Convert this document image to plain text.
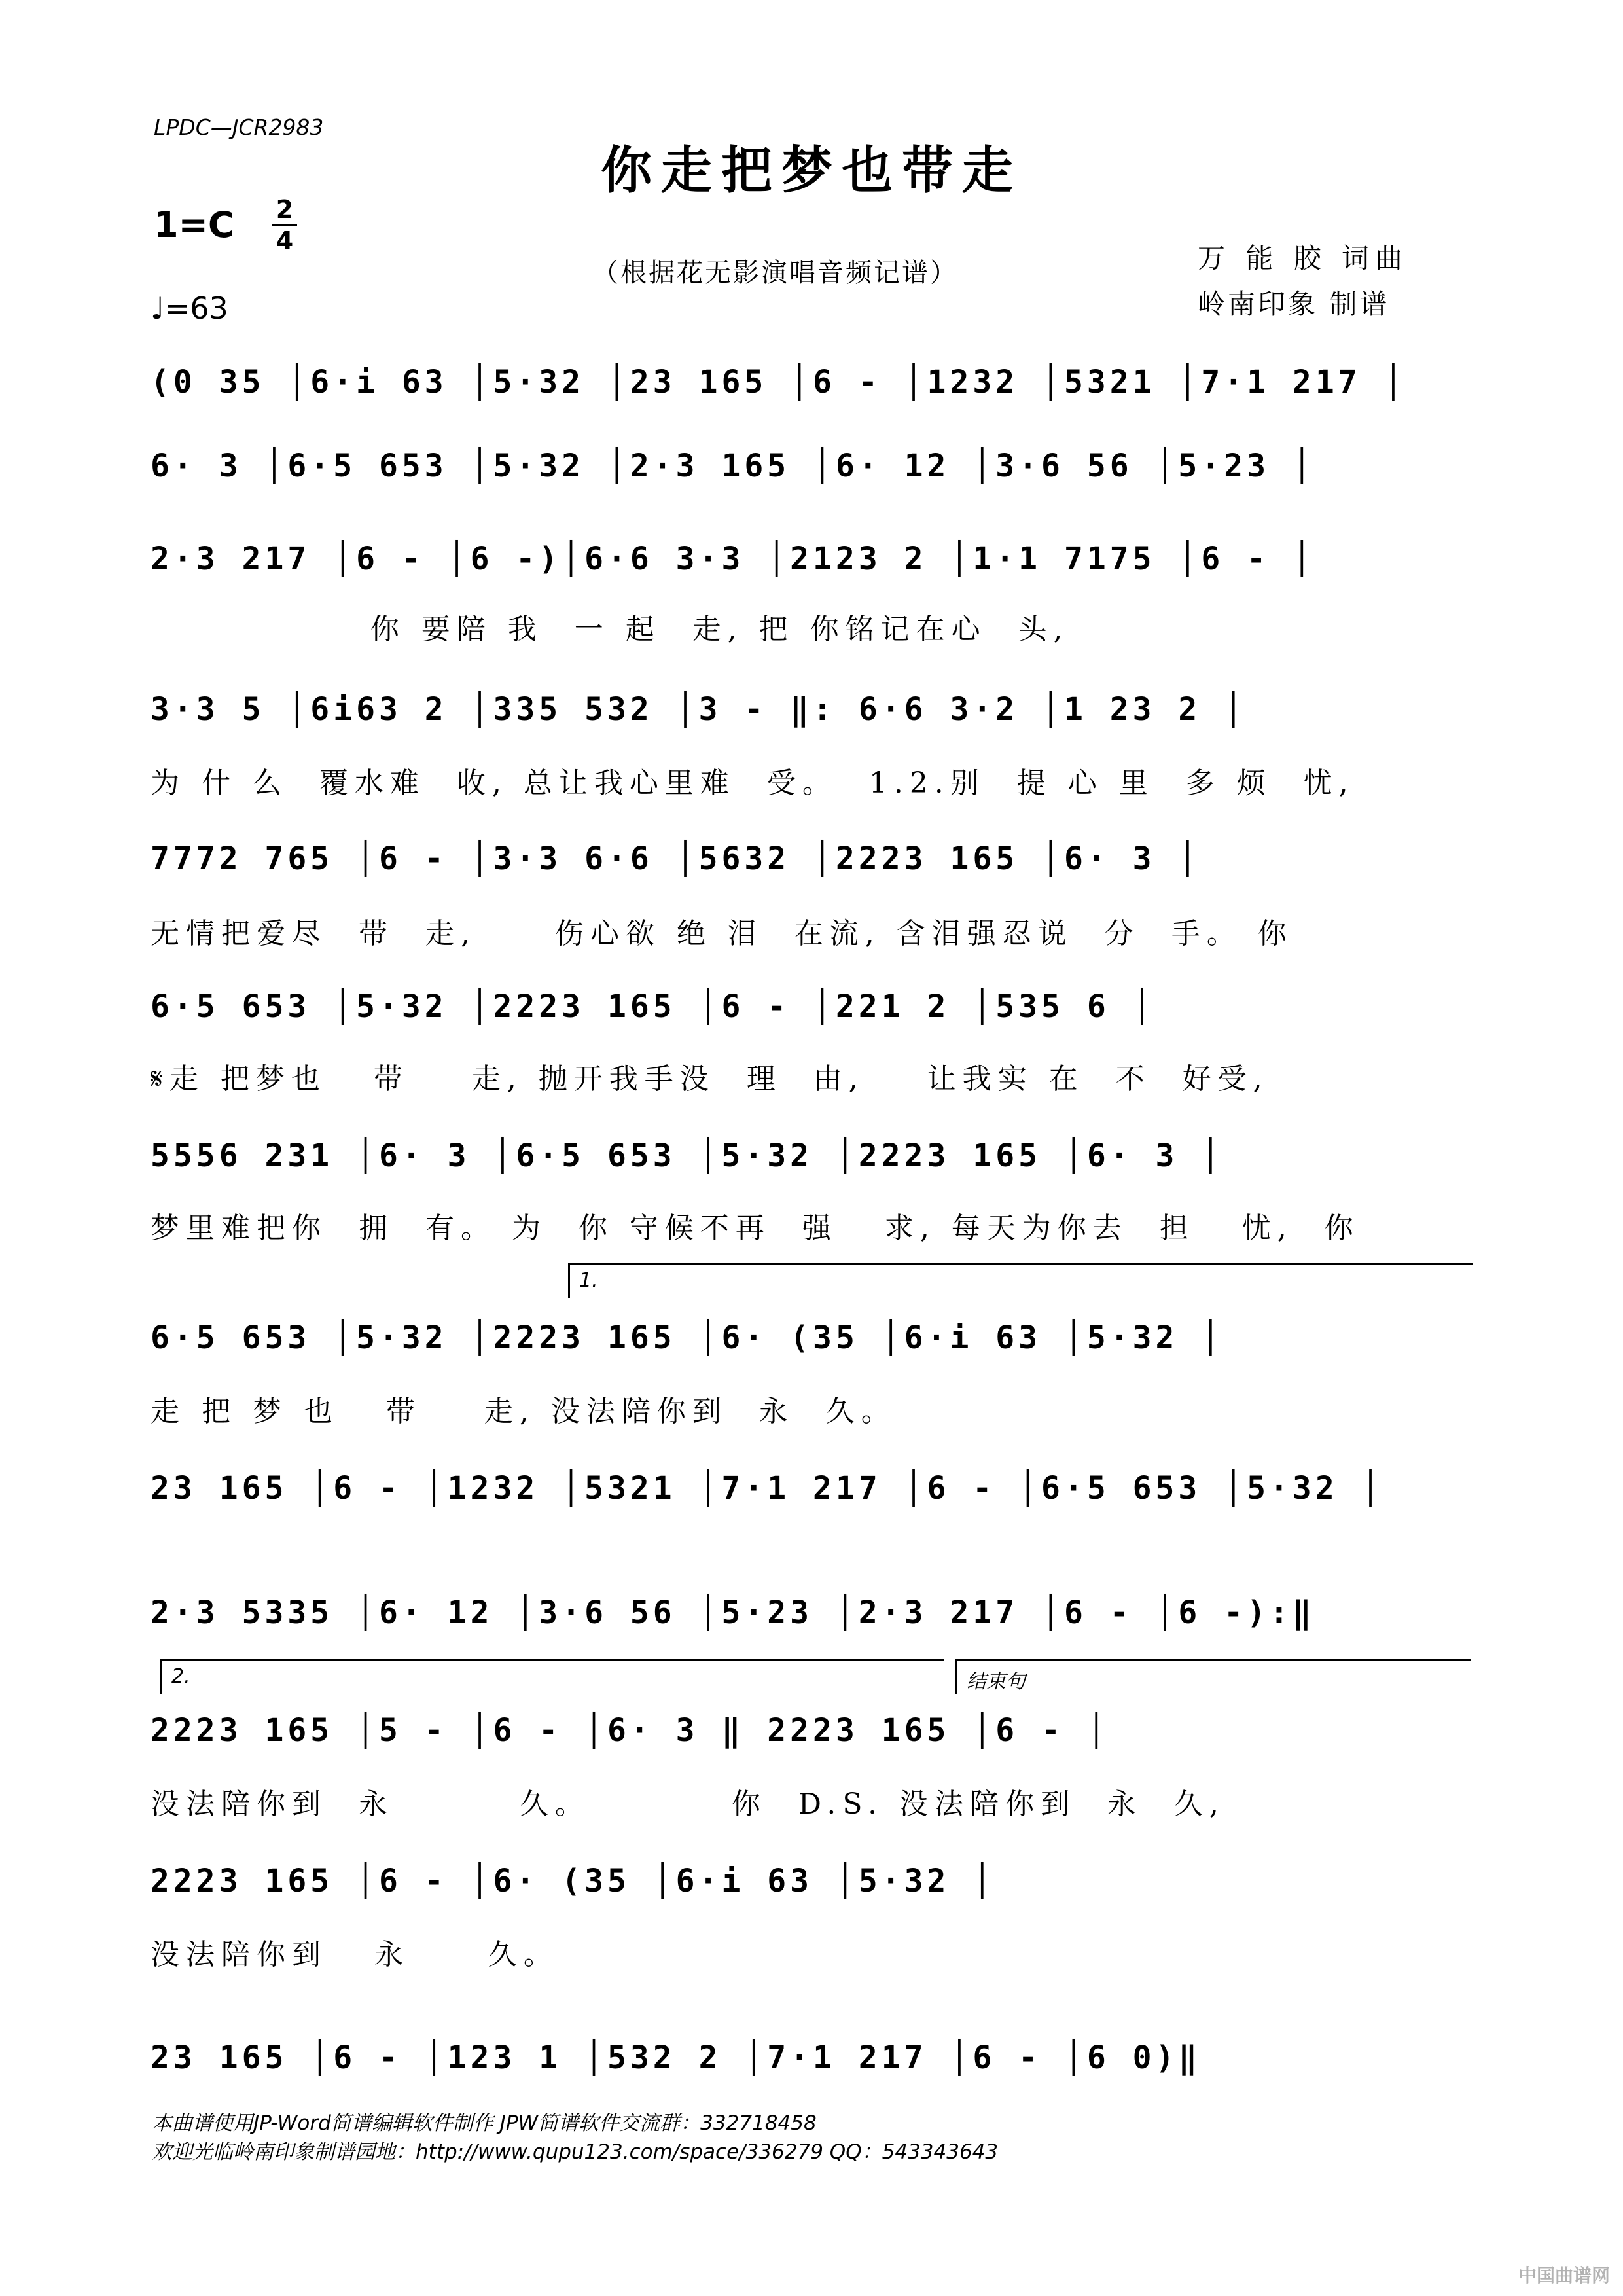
LPDC—JCR2983
你走把梦也带走
1=C	2
4
♩=63
（根据花无影演唱音频记谱）	万 能 胶 词曲
岭南印象 制谱
(0 35 │6·i 63 │5·32 │23 165 │6 - │1232 │5321 │7·1 217 │
6· 3 │6·5 653 │5·32 │2·3 165 │6· 12 │3·6 56 │5·23 │
2·3 217 │6 - │6 -)│6·6 3·3 │2123 2 │1·1 7175 │6 - │
你 要陪 我  一 起  走, 把 你铭记在心  头,
3·3 5 │6i63 2 │335 532 │3 - ‖: 6·6 3·2 │1 23 2 │
为 什 么  覆水难  收, 总让我心里难  受。  1.2.别  提 心 里  多 烦  忧,
7772 765 │6 - │3·3 6·6 │5632 │2223 165 │6· 3 │
无情把爱尽  带  走,     伤心欲 绝 泪  在流, 含泪强忍说  分  手。 你
6·5 653 │5·32 │2223 165 │6 - │221 2 │535 6 │
𝄋走 把梦也   带    走, 抛开我手没  理  由,    让我实 在  不  好受,
5556 231 │6· 3 │6·5 653 │5·32 │2223 165 │6· 3 │
梦里难把你  拥  有。 为  你 守候不再  强   求, 每天为你去  担   忧,  你
1.
6·5 653 │5·32 │2223 165 │6· (35 │6·i 63 │5·32 │
走 把 梦 也   带    走, 没法陪你到  永  久。
23 165 │6 - │1232 │5321 │7·1 217 │6 - │6·5 653 │5·32 │
2·3 5335 │6· 12 │3·6 56 │5·23 │2·3 217 │6 - │6 -):‖
2.	结束句
2223 165 │5 - │6 - │6· 3 ‖ 2223 165 │6 - │
没法陪你到  永        久。         你  D.S. 没法陪你到  永  久,
2223 165 │6 - │6· (35 │6·i 63 │5·32 │
没法陪你到   永     久。
23 165 │6 - │123 1 │532 2 │7·1 217 │6 - │6 0)‖
本曲谱使用JP-Word简谱编辑软件制作 JPW简谱软件交流群：332718458
欢迎光临岭南印象制谱园地：http://www.qupu123.com/space/336279 QQ：543343643
中国曲谱网
